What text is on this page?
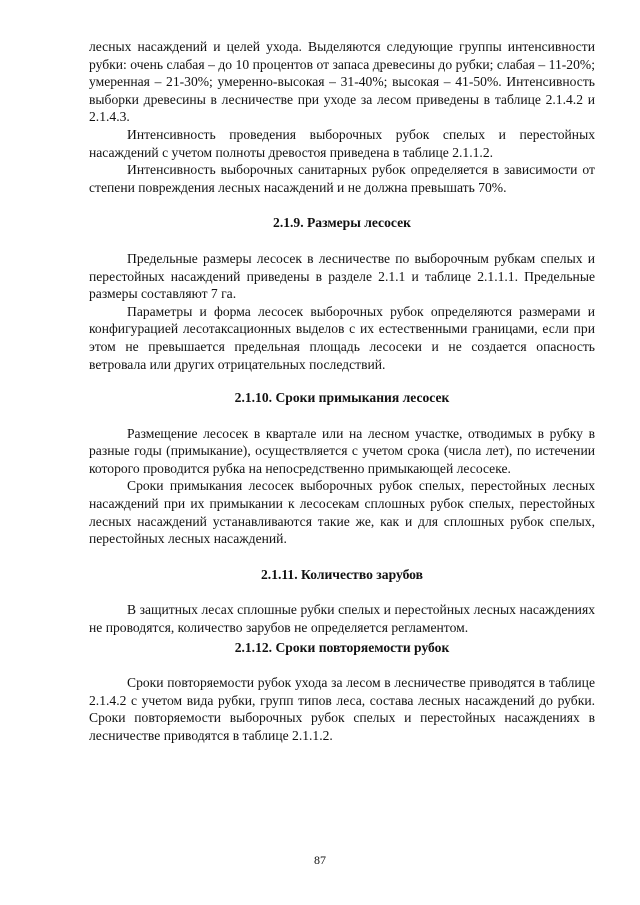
лесных насаждений и целей ухода. Выделяются следующие группы интенсивности рубки: очень слабая – до 10 процентов от запаса древесины до рубки; слабая – 11-20%; умеренная – 21-30%; умеренно-высокая – 31-40%; высокая – 41-50%. Интенсивность выборки древесины в лесничестве при уходе за лесом приведены в таблице 2.1.4.2 и 2.1.4.3.

Интенсивность проведения выборочных рубок спелых и перестойных насаждений с учетом полноты древостоя приведена в таблице 2.1.1.2.

Интенсивность выборочных санитарных рубок определяется в зависимости от степени повреждения лесных насаждений и не должна превышать 70%.

2.1.9. Размеры лесосек

Предельные размеры лесосек в лесничестве по выборочным рубкам спелых и перестойных насаждений приведены в разделе 2.1.1 и таблице 2.1.1.1. Предельные размеры составляют 7 га.

Параметры и форма лесосек выборочных рубок определяются размерами и конфигурацией лесотаксационных выделов с их естественными границами, если при этом не превышается предельная площадь лесосеки и не создается опасность ветровала или других отрицательных последствий.

2.1.10. Сроки примыкания лесосек

Размещение лесосек в квартале или на лесном участке, отводимых в рубку в разные годы (примыкание), осуществляется с учетом срока (числа лет), по истечении которого проводится рубка на непосредственно примыкающей лесосеке.

Сроки примыкания лесосек выборочных рубок спелых, перестойных лесных насаждений при их примыкании к лесосекам сплошных рубок спелых, перестойных лесных насаждений устанавливаются такие же, как и для сплошных рубок спелых, перестойных лесных насаждений.

2.1.11. Количество зарубов

В защитных лесах сплошные рубки спелых и перестойных лесных насаждениях не проводятся, количество зарубов не определяется регламентом.

2.1.12. Сроки повторяемости рубок

Сроки повторяемости рубок ухода за лесом в лесничестве приводятся в таблице 2.1.4.2 с учетом вида рубки, групп типов леса, состава лесных насаждений до рубки. Сроки повторяемости выборочных рубок спелых и перестойных насаждениях в лесничестве приводятся в таблице 2.1.1.2.

87
